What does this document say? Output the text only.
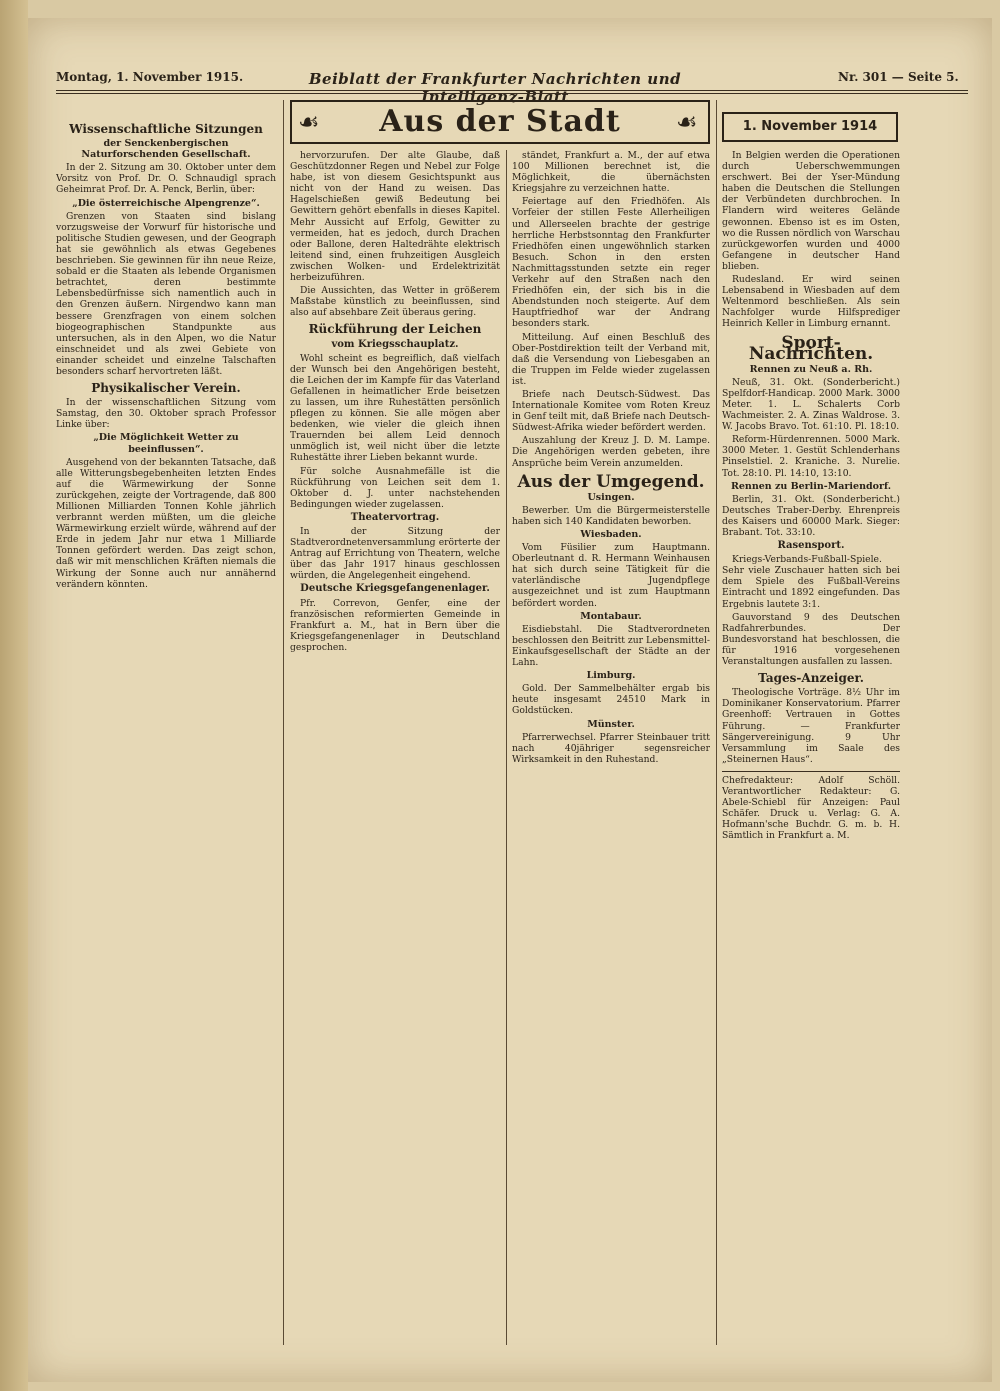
Montag, 1. November 1915.	Beiblatt der Frankfurter Nachrichten und Intelligenz-Blatt
Nr. 301 — Seite 5.
Aus der Stadt
☙	☙	1. November 1914
Wissenschaftliche Sitzungen
der Senckenbergischen Naturforschenden Gesellschaft.

In der 2. Sitzung am 30. Oktober unter dem Vorsitz von Prof. Dr. O. Schnaudigl sprach Geheimrat Prof. Dr. A. Penck, Berlin, über:

„Die österreichische Alpengrenze“.

Grenzen von Staaten sind bislang vorzugsweise der Vorwurf für historische und politische Studien gewesen, und der Geograph hat sie gewöhnlich als etwas Gegebenes beschrieben. Sie gewinnen für ihn neue Reize, sobald er die Staaten als lebende Organismen betrachtet, deren bestimmte Lebensbedürfnisse sich namentlich auch in den Grenzen äußern. Nirgendwo kann man bessere Grenzfragen von einem solchen biogeographischen Standpunkte aus untersuchen, als in den Alpen, wo die Natur einschneidet und als zwei Gebiete von einander scheidet und einzelne Talschaften besonders scharf hervortreten läßt.

Physikalischer Verein.

In der wissenschaftlichen Sitzung vom Samstag, den 30. Oktober sprach Professor Linke über:

„Die Möglichkeit Wetter zu beeinflussen“.

Ausgehend von der bekannten Tatsache, daß alle Witterungsbegebenheiten letzten Endes auf die Wärmewirkung der Sonne zurückgehen, zeigte der Vortragende, daß 800 Millionen Milliarden Tonnen Kohle jährlich verbrannt werden müßten, um die gleiche Wärmewirkung erzielt würde, während auf der Erde in jedem Jahr nur etwa 1 Milliarde Tonnen gefördert werden. Das zeigt schon, daß wir mit menschlichen Kräften niemals die Wirkung der Sonne auch nur annähernd verändern könnten.

hervorzurufen. Der alte Glaube, daß Geschützdonner Regen und Nebel zur Folge habe, ist von diesem Gesichtspunkt aus nicht von der Hand zu weisen. Das Hagelschießen gewiß Bedeutung bei Gewittern gehört ebenfalls in dieses Kapitel. Mehr Aussicht auf Erfolg, Gewitter zu vermeiden, hat es jedoch, durch Drachen oder Ballone, deren Haltedrähte elektrisch leitend sind, einen fruhzeitigen Ausgleich zwischen Wolken- und Erdelektrizität herbeizuführen.

Die Aussichten, das Wetter in größerem Maßstabe künstlich zu beeinflussen, sind also auf absehbare Zeit überaus gering.

Rückführung der Leichen
vom Kriegsschauplatz.

Wohl scheint es begreiflich, daß vielfach der Wunsch bei den Angehörigen besteht, die Leichen der im Kampfe für das Vaterland Gefallenen in heimatlicher Erde beisetzen zu lassen, um ihre Ruhestätten persönlich pflegen zu können. Sie alle mögen aber bedenken, wie vieler die gleich ihnen Trauernden bei allem Leid dennoch unmöglich ist, weil nicht über die letzte Ruhestätte ihrer Lieben bekannt wurde.

Für solche Ausnahmefälle ist die Rückführung von Leichen seit dem 1. Oktober d. J. unter nachstehenden Bedingungen wieder zugelassen.

Theatervortrag.

In der Sitzung der Stadtverordnetenversammlung erörterte der Antrag auf Errichtung von Theatern, welche über das Jahr 1917 hinaus geschlossen würden, die Angelegenheit eingehend.

Deutsche Kriegsgefangenenlager.

Pfr. Correvon, Genfer, eine der französischen reformierten Gemeinde in Frankfurt a. M., hat in Bern über die Kriegsgefangenenlager in Deutschland gesprochen.

ständet, Frankfurt a. M., der auf etwa 100 Millionen berechnet ist, die Möglichkeit, die übernächsten Kriegsjahre zu verzeichnen hatte.

Feiertage auf den Friedhöfen. Als Vorfeier der stillen Feste Allerheiligen und Allerseelen brachte der gestrige herrliche Herbstsonntag den Frankfurter Friedhöfen einen ungewöhnlich starken Besuch. Schon in den ersten Nachmittagsstunden setzte ein reger Verkehr auf den Straßen nach den Friedhöfen ein, der sich bis in die Abendstunden noch steigerte. Auf dem Hauptfriedhof war der Andrang besonders stark.

Mitteilung. Auf einen Beschluß des Ober-Postdirektion teilt der Verband mit, daß die Versendung von Liebesgaben an die Truppen im Felde wieder zugelassen ist.

Briefe nach Deutsch-Südwest. Das Internationale Komitee vom Roten Kreuz in Genf teilt mit, daß Briefe nach Deutsch-Südwest-Afrika wieder befördert werden.

Auszahlung der Kreuz J. D. M. Lampe. Die Angehörigen werden gebeten, ihre Ansprüche beim Verein anzumelden.

Aus der Umgegend.
Usingen.

Bewerber. Um die Bürgermeisterstelle haben sich 140 Kandidaten beworben.

Wiesbaden.

Vom Füsilier zum Hauptmann. Oberleutnant d. R. Hermann Weinhausen hat sich durch seine Tätigkeit für die vaterländische Jugendpflege ausgezeichnet und ist zum Hauptmann befördert worden.

Montabaur.

Eisdiebstahl. Die Stadtverordneten beschlossen den Beitritt zur Lebensmittel-Einkaufsgesellschaft der Städte an der Lahn.

Limburg.

Gold. Der Sammelbehälter ergab bis heute insgesamt 24510 Mark in Goldstücken.

Münster.

Pfarrerwechsel. Pfarrer Steinbauer tritt nach 40jähriger segensreicher Wirksamkeit in den Ruhestand.

In Belgien werden die Operationen durch Ueberschwemmungen erschwert. Bei der Yser-Mündung haben die Deutschen die Stellungen der Verbündeten durchbrochen. In Flandern wird weiteres Gelände gewonnen. Ebenso ist es im Osten, wo die Russen nördlich von Warschau zurückgeworfen wurden und 4000 Gefangene in deutscher Hand blieben.

Rudesland. Er wird seinen Lebensabend in Wiesbaden auf dem Weltenmord beschließen. Als sein Nachfolger wurde Hilfsprediger Heinrich Keller in Limburg ernannt.

Sport-Nachrichten.
Rennen zu Neuß a. Rh.

Neuß, 31. Okt. (Sonderbericht.) Spelfdorf-Handicap. 2000 Mark. 3000 Meter. 1. L. Schalerts Corb Wachmeister. 2. A. Zinas Waldrose. 3. W. Jacobs Bravo. Tot. 61:10. Pl. 18:10.

Reform-Hürdenrennen. 5000 Mark. 3000 Meter. 1. Gestüt Schlenderhans Pinselstiel. 2. Kraniche. 3. Nurelie. Tot. 28:10. Pl. 14:10, 13:10.

Rennen zu Berlin-Mariendorf.

Berlin, 31. Okt. (Sonderbericht.) Deutsches Traber-Derby. Ehrenpreis des Kaisers und 60000 Mark. Sieger: Brabant. Tot. 33:10.

Rasensport.

Kriegs-Verbands-Fußball-Spiele. Sehr viele Zuschauer hatten sich bei dem Spiele des Fußball-Vereins Eintracht und 1892 eingefunden. Das Ergebnis lautete 3:1.

Gauvorstand 9 des Deutschen Radfahrerbundes. Der Bundesvorstand hat beschlossen, die für 1916 vorgesehenen Veranstaltungen ausfallen zu lassen.

Tages-Anzeiger.

Theologische Vorträge. 8½ Uhr im Dominikaner Konservatorium. Pfarrer Greenhoff: Vertrauen in Gottes Führung. — Frankfurter Sängervereinigung. 9 Uhr Versammlung im Saale des „Steinernen Haus“.

Chefredakteur: Adolf Schöll. Verantwortlicher Redakteur: G. Abele-Schiebl für Anzeigen: Paul Schäfer. Druck u. Verlag: G. A. Hofmann'sche Buchdr. G. m. b. H. Sämtlich in Frankfurt a. M.
